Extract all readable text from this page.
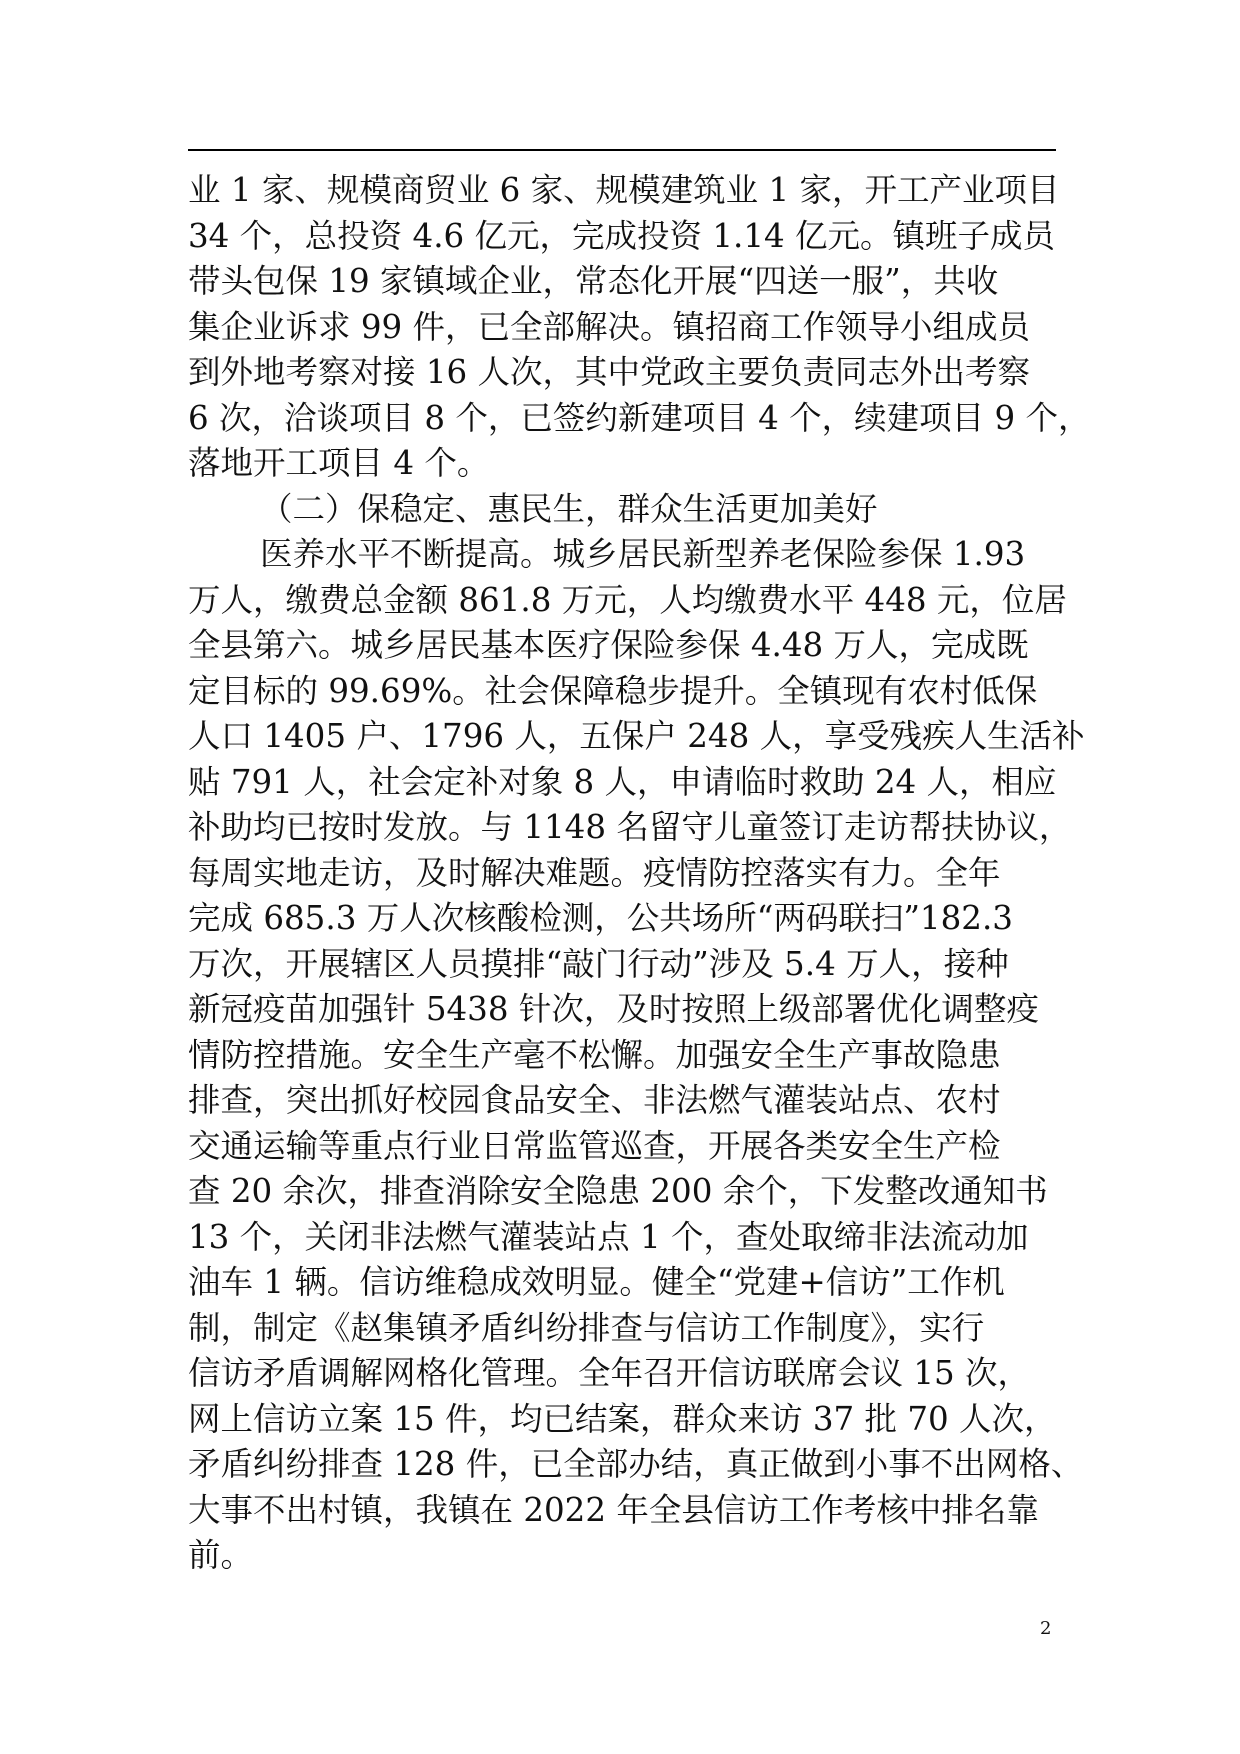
业 1 家、规模商贸业 6 家、规模建筑业 1 家，开工产业项目
34 个，总投资 4.6 亿元，完成投资 1.14 亿元。镇班子成员
带头包保 19 家镇域企业，常态化开展“四送一服”，共收
集企业诉求 99 件，已全部解决。镇招商工作领导小组成员
到外地考察对接 16 人次，其中党政主要负责同志外出考察
6 次，洽谈项目 8 个，已签约新建项目 4 个，续建项目 9 个，
落地开工项目 4 个。
（二）保稳定、惠民生，群众生活更加美好
医养水平不断提高。城乡居民新型养老保险参保 1.93
万人，缴费总金额 861.8 万元，人均缴费水平 448 元，位居
全县第六。城乡居民基本医疗保险参保 4.48 万人，完成既
定目标的 99.69%。社会保障稳步提升。全镇现有农村低保
人口 1405 户、1796 人，五保户 248 人，享受残疾人生活补
贴 791 人，社会定补对象 8 人，申请临时救助 24 人，相应
补助均已按时发放。与 1148 名留守儿童签订走访帮扶协议，
每周实地走访，及时解决难题。疫情防控落实有力。全年
完成 685.3 万人次核酸检测，公共场所“两码联扫”182.3
万次，开展辖区人员摸排“敲门行动”涉及 5.4 万人，接种
新冠疫苗加强针 5438 针次，及时按照上级部署优化调整疫
情防控措施。安全生产毫不松懈。加强安全生产事故隐患
排查，突出抓好校园食品安全、非法燃气灌装站点、农村
交通运输等重点行业日常监管巡查，开展各类安全生产检
查 20 余次，排查消除安全隐患 200 余个，下发整改通知书
13 个，关闭非法燃气灌装站点 1 个，查处取缔非法流动加
油车 1 辆。信访维稳成效明显。健全“党建+信访”工作机
制，制定《赵集镇矛盾纠纷排查与信访工作制度》，实行
信访矛盾调解网格化管理。全年召开信访联席会议 15 次，
网上信访立案 15 件，均已结案，群众来访 37 批 70 人次，
矛盾纠纷排查 128 件，已全部办结，真正做到小事不出网格、
大事不出村镇，我镇在 2022 年全县信访工作考核中排名靠
前。
2
